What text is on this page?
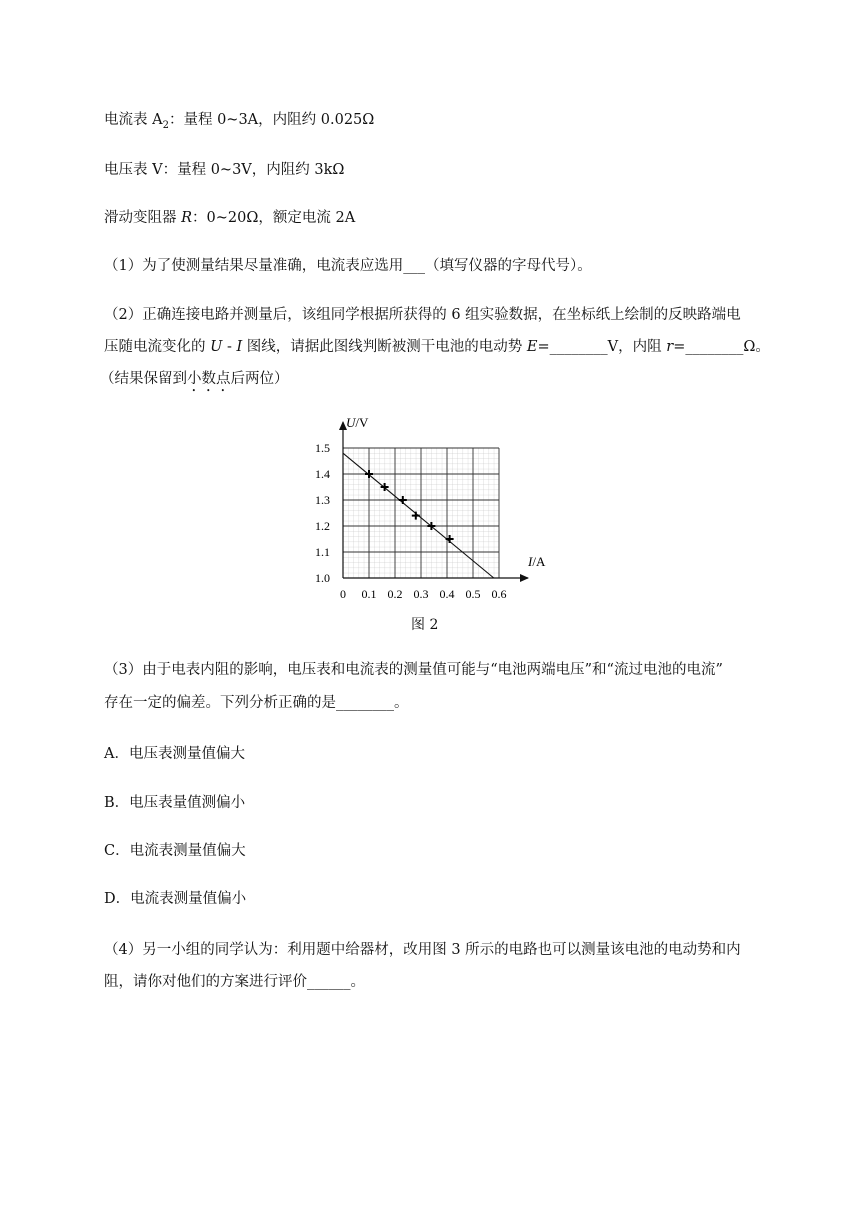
电流表 $A_2$：量程 0~3A，内阻约 0.025Ω
电压表 V：量程 0~3V，内阻约 3kΩ
滑动变阻器 R：0~20Ω，额定电流 2A
（1）为了使测量结果尽量准确，电流表应选用___（填写仪器的字母代号）。
（2）正确连接电路并测量后，该组同学根据所获得的 6 组实验数据，在坐标纸上绘制的反映路端电
压随电流变化的 U - I 图线，请据此图线判断被测干电池的电动势 E=________V，内阻 r=________Ω。
（结果保留到小数点后两位）
0 0.1 0.2 0.3 0.4 0.5 0.6
1.0
1.1
1.2
1.3
1.4
1.5
U/V
I/A
图 2
（3）由于电表内阻的影响，电压表和电流表的测量值可能与“电池两端电压”和“流过电池的电流”
存在一定的偏差。下列分析正确的是________。
A．电压表测量值偏大
B．电压表量值测偏小
C．电流表测量值偏大
D．电流表测量值偏小
（4）另一小组的同学认为：利用题中给器材，改用图 3 所示的电路也可以测量该电池的电动势和内
阻，请你对他们的方案进行评价______。
